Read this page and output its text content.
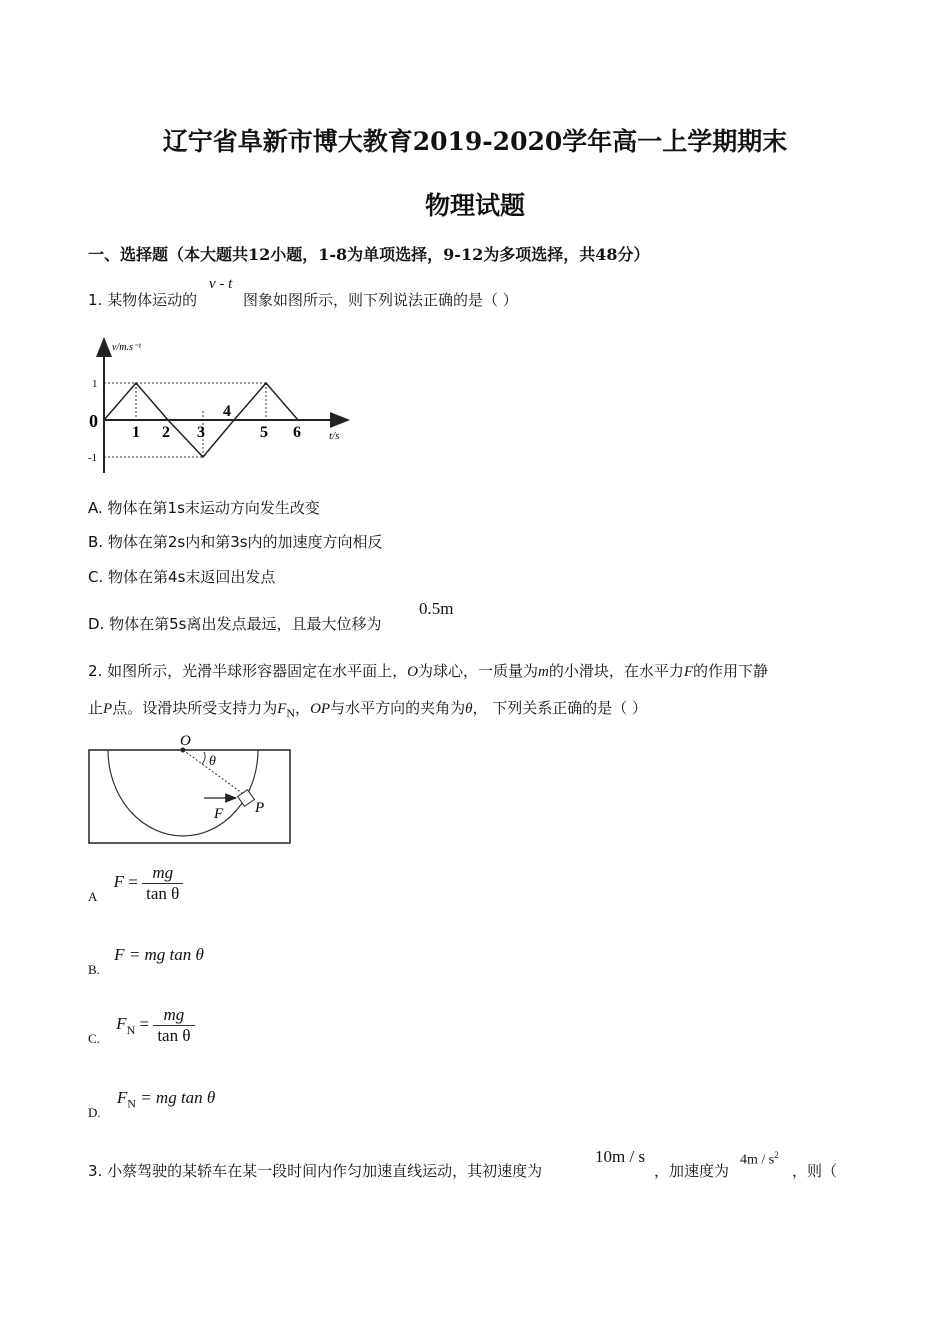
辽宁省阜新市博大教育2019-2020学年高一上学期期末
物理试题
一、选择题（本大题共12小题，1-8为单项选择，9-12为多项选择，共48分）
1. 某物体运动的
v - t
图象如图所示，则下列说法正确的是（ ）
v/m.s⁻¹
t/s
0
1
-1
1 2 3
4
5 6
A. 物体在第1s末运动方向发生改变
B. 物体在第2s内和第3s内的加速度方向相反
C. 物体在第4s末返回出发点
D. 物体在第5s离出发点最远，且最大位移为
0.5m
2. 如图所示，光滑半球形容器固定在水平面上，O为球心，一质量为m的小滑块，在水平力F的作用下静
止P点。设滑块所受支持力为$F_N$，OP与水平方向的夹角为θ， 下列关系正确的是（ ）
O
θ
F P
$_A$ $F = \frac{mg}{\text{tan θ}}$
$_{B.}$ F = mg tan θ
$_{C.}$ $F_N = \frac{mg}{\text{tan θ}}$
$_{D.}$ $F_N$ = mg tan θ
3. 小蔡驾驶的某轿车在某一段时间内作匀加速直线运动，其初速度为
10m / s
，加速度为
$4m / s^2$
，则（
